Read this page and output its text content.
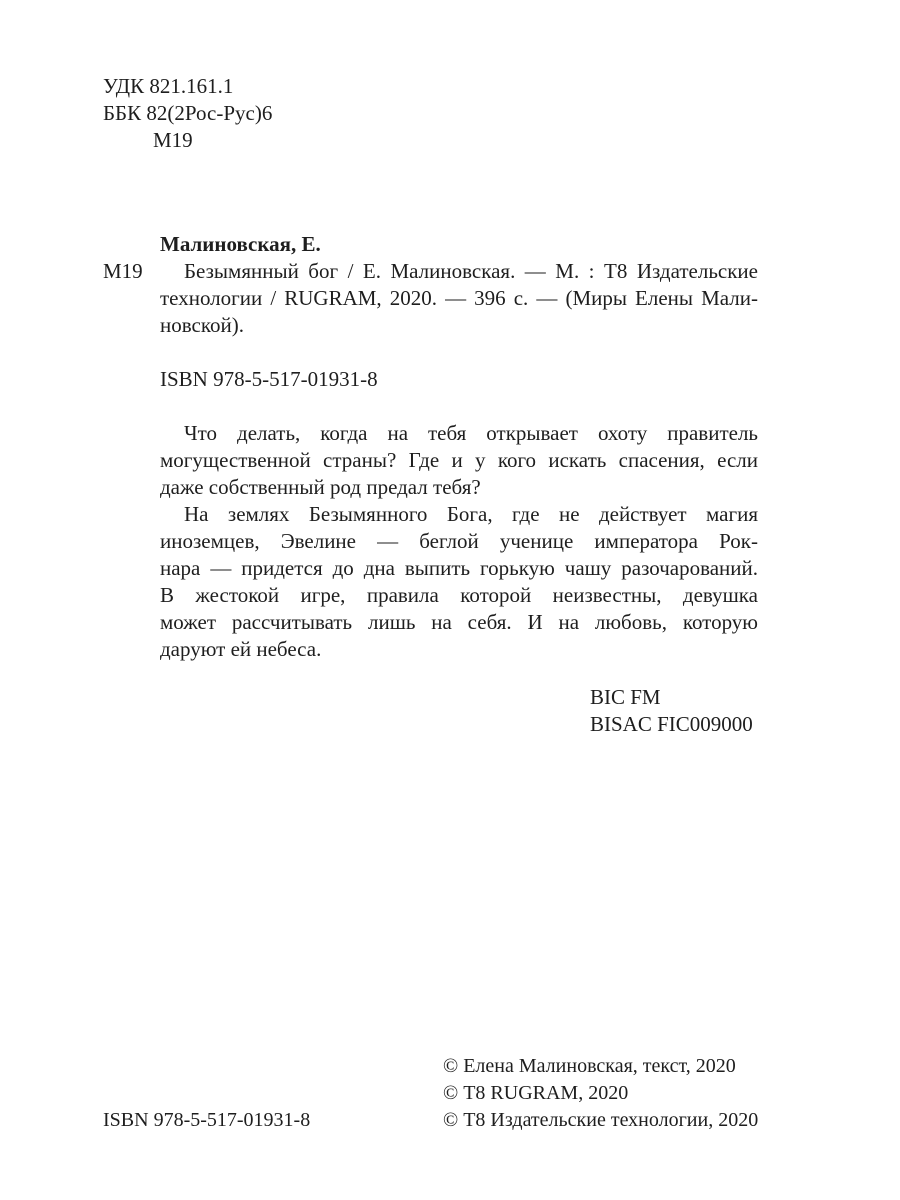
УДК 821.161.1
ББК 82(2Рос-Рус)6
М19
Малиновская, Е.
М19	Безымянный бог / Е. Малиновская. — М. : Т8 Издательские
технологии / RUGRAM, 2020. — 396 с. — (Миры Елены Мали-
новской).
ISBN 978-5-517-01931-8
Что делать, когда на тебя открывает охоту правитель
могущественной страны? Где и у кого искать спасения, если
даже собственный род предал тебя?
На землях Безымянного Бога, где не действует магия
иноземцев, Эвелине — беглой ученице императора Рок-
нара — придется до дна выпить горькую чашу разочарований.
В жестокой игре, правила которой неизвестны, девушка
может рассчитывать лишь на себя. И на любовь, которую
даруют ей небеса.
BIC FM
BISAC FIC009000
© Елена Малиновская, текст, 2020
© Т8 RUGRAM, 2020
© Т8 Издательские технологии, 2020
ISBN 978-5-517-01931-8
